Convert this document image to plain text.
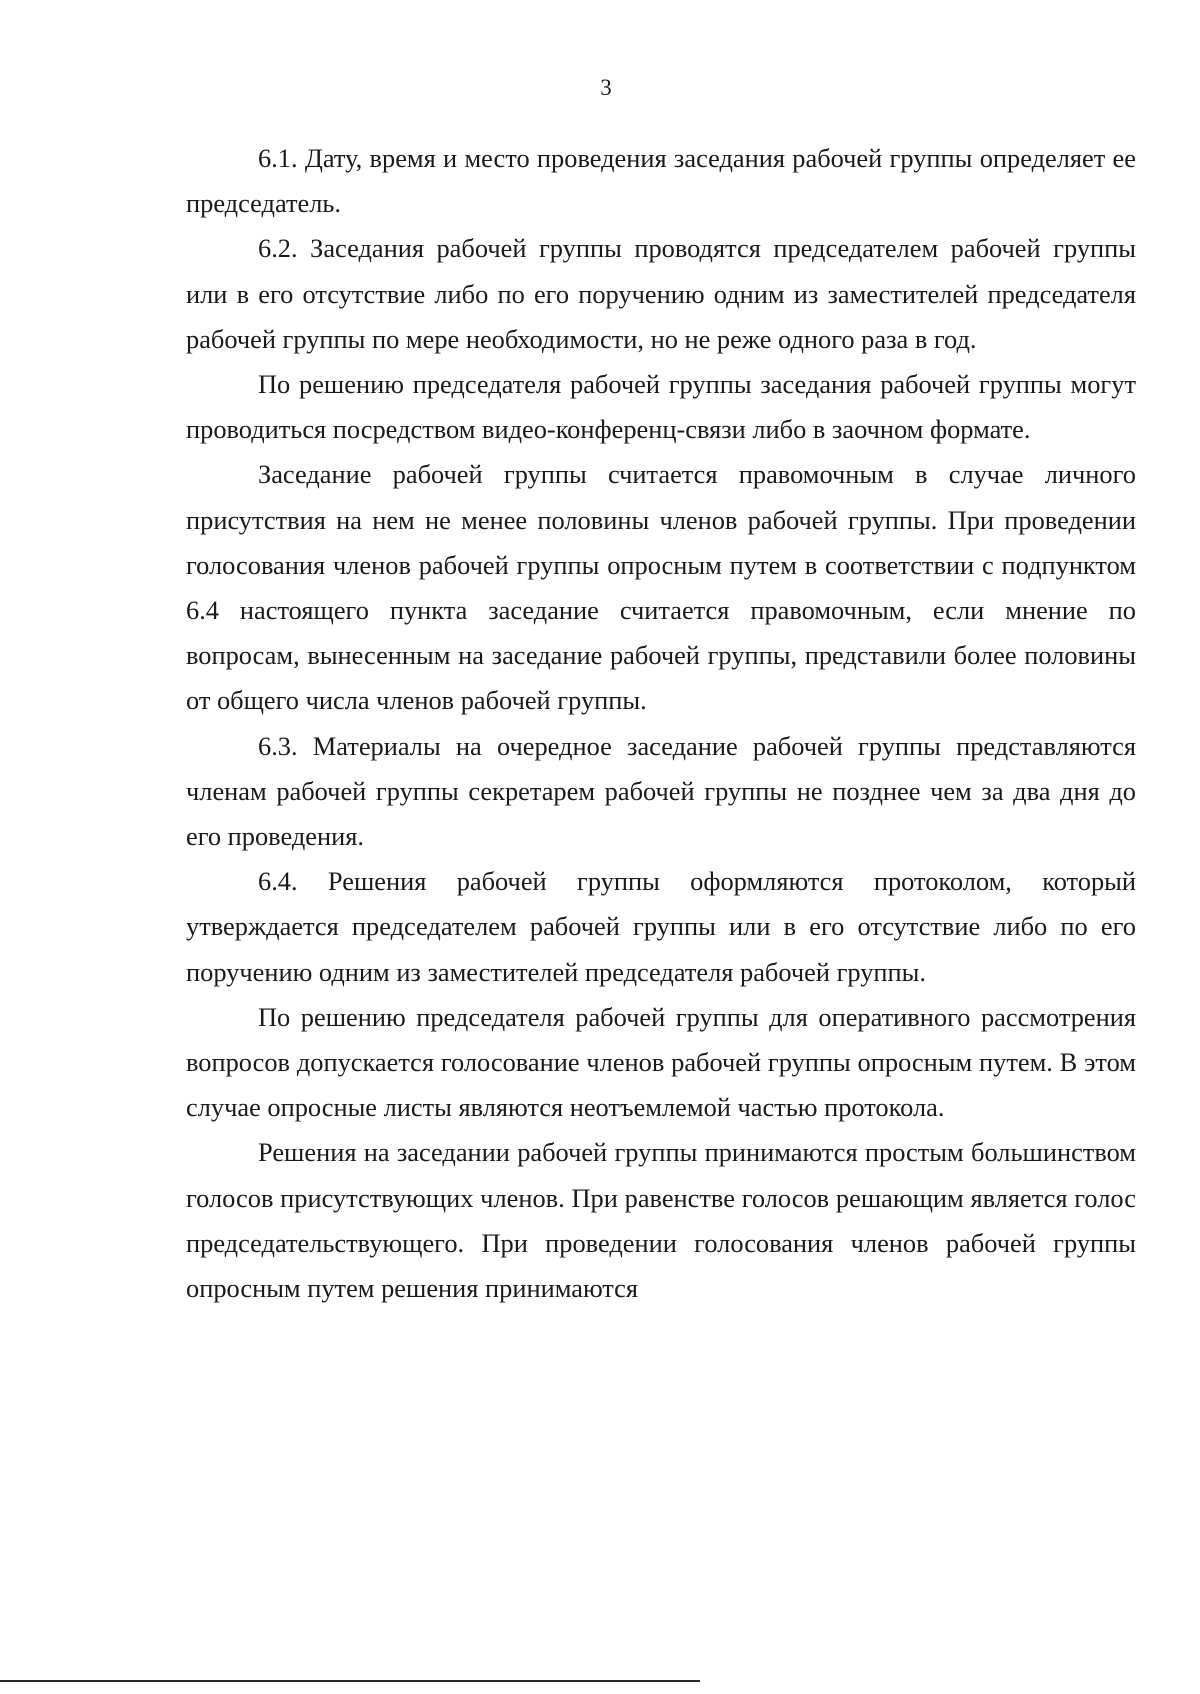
3

6.1. Дату, время и место проведения заседания рабочей группы определяет ее председатель.

6.2. Заседания рабочей группы проводятся председателем рабочей группы или в его отсутствие либо по его поручению одним из заместителей председателя рабочей группы по мере необходимости, но не реже одного раза в год.

По решению председателя рабочей группы заседания рабочей группы могут проводиться посредством видео-конференц-связи либо в заочном формате.

Заседание рабочей группы считается правомочным в случае личного присутствия на нем не менее половины членов рабочей группы. При проведении голосования членов рабочей группы опросным путем в соответствии с подпунктом 6.4 настоящего пункта заседание считается правомочным, если мнение по вопросам, вынесенным на заседание рабочей группы, представили более половины от общего числа членов рабочей группы.

6.3. Материалы на очередное заседание рабочей группы представляются членам рабочей группы секретарем рабочей группы не позднее чем за два дня до его проведения.

6.4. Решения рабочей группы оформляются протоколом, который утверждается председателем рабочей группы или в его отсутствие либо по его поручению одним из заместителей председателя рабочей группы.

По решению председателя рабочей группы для оперативного рассмотрения вопросов допускается голосование членов рабочей группы опросным путем. В этом случае опросные листы являются неотъемлемой частью протокола.

Решения на заседании рабочей группы принимаются простым большинством голосов присутствующих членов. При равенстве голосов решающим является голос председательствующего. При проведении голосования членов рабочей группы опросным путем решения принимаются
